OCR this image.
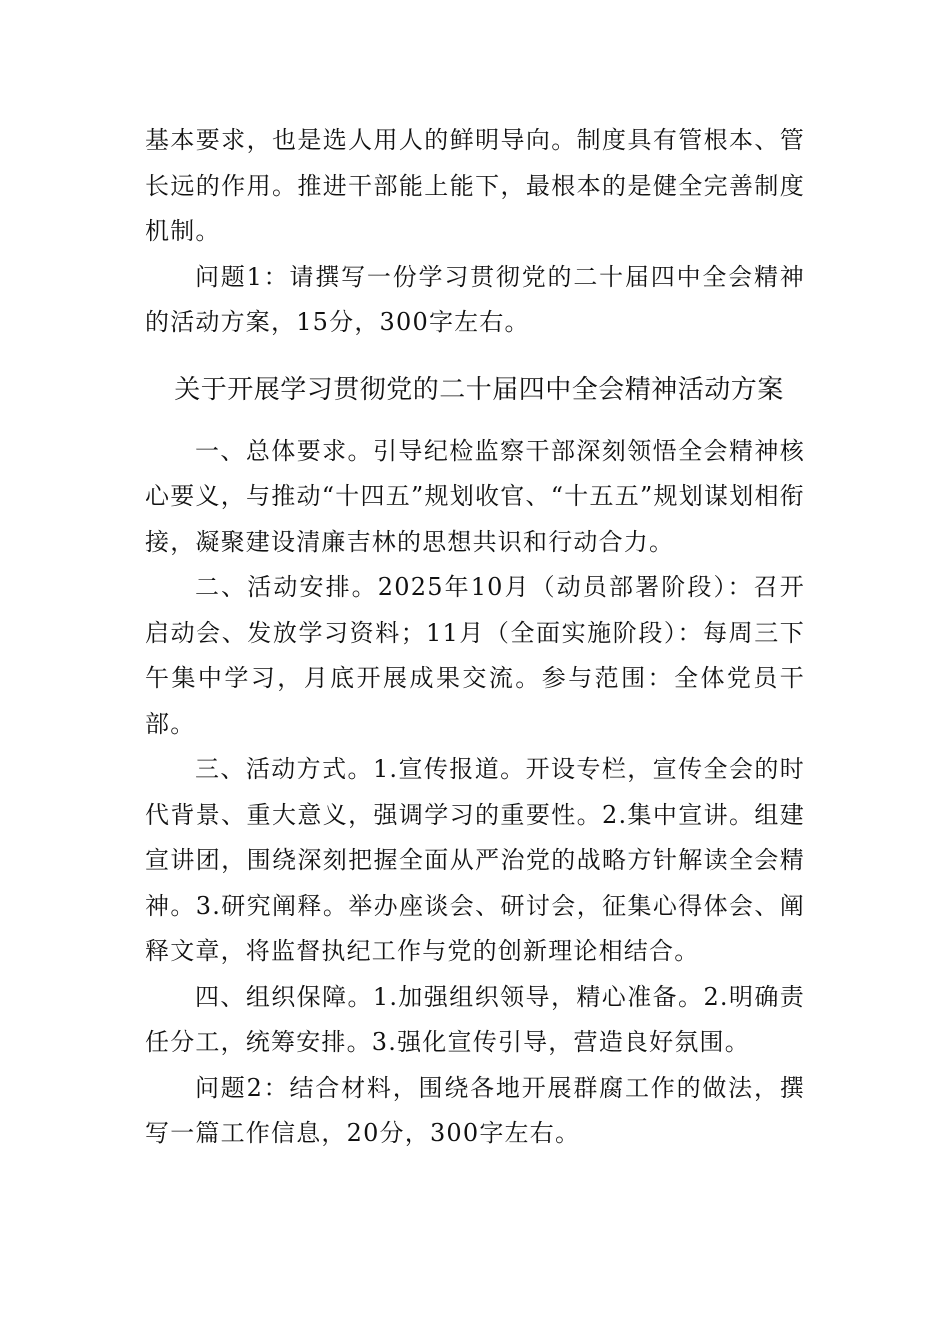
基本要求，也是选人用人的鲜明导向。制度具有管根本、管长远的作用。推进干部能上能下，最根本的是健全完善制度机制。

问题1：请撰写一份学习贯彻党的二十届四中全会精神的活动方案，15分，300字左右。

关于开展学习贯彻党的二十届四中全会精神活动方案

一、总体要求。引导纪检监察干部深刻领悟全会精神核心要义，与推动“十四五”规划收官、“十五五”规划谋划相衔接，凝聚建设清廉吉林的思想共识和行动合力。

二、活动安排。2025年10月（动员部署阶段）：召开启动会、发放学习资料；11月（全面实施阶段）：每周三下午集中学习，月底开展成果交流。参与范围：全体党员干部。

三、活动方式。1.宣传报道。开设专栏，宣传全会的时代背景、重大意义，强调学习的重要性。2.集中宣讲。组建宣讲团，围绕深刻把握全面从严治党的战略方针解读全会精神。3.研究阐释。举办座谈会、研讨会，征集心得体会、阐释文章，将监督执纪工作与党的创新理论相结合。

四、组织保障。1.加强组织领导，精心准备。2.明确责任分工，统筹安排。3.强化宣传引导，营造良好氛围。

问题2：结合材料，围绕各地开展群腐工作的做法，撰写一篇工作信息，20分，300字左右。
